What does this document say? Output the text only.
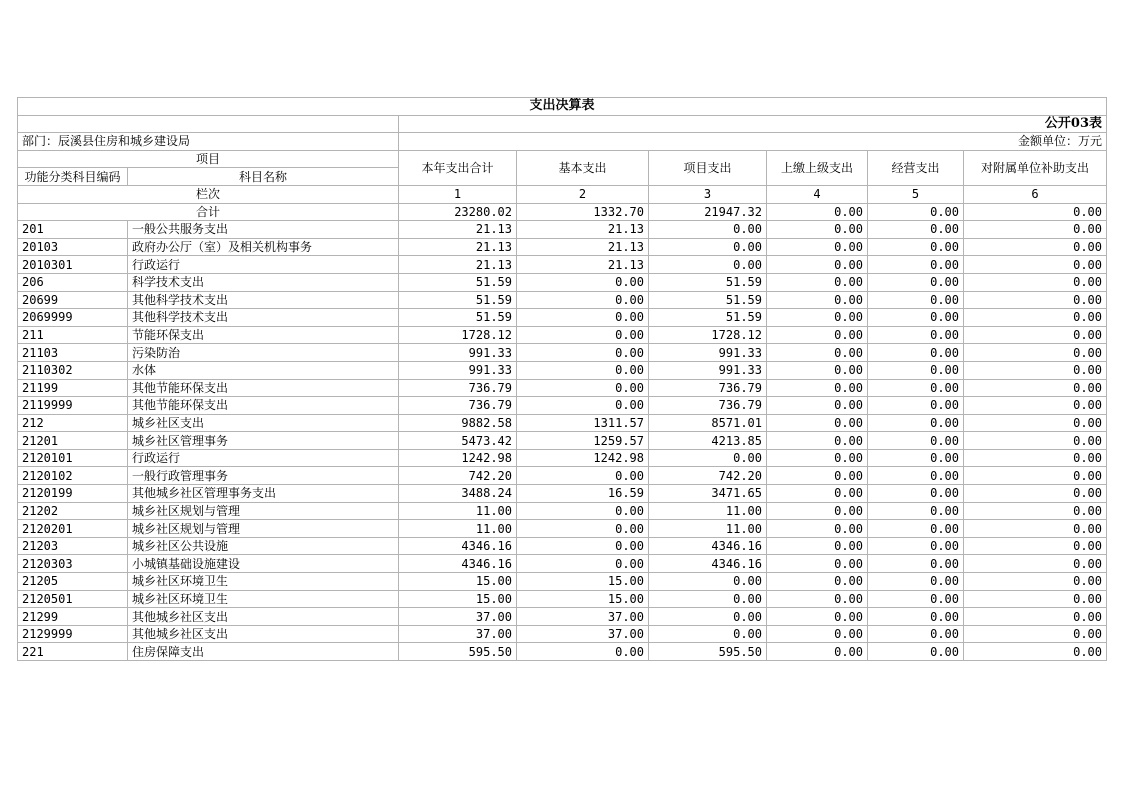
支出决算表							
		公开03表					
部门：辰溪县住房和城乡建设局		金额单位：万元					
项目		本年支出合计	基本支出	项目支出	上缴上级支出	经营支出	对附属单位补助支出
功能分类科目编码	科目名称						
栏次		1	2	3	4	5	6
合计		23280.02	1332.70	21947.32	0.00	0.00	0.00
201	一般公共服务支出	21.13	21.13	0.00	0.00	0.00	0.00
20103	政府办公厅（室）及相关机构事务	21.13	21.13	0.00	0.00	0.00	0.00
2010301	行政运行	21.13	21.13	0.00	0.00	0.00	0.00
206	科学技术支出	51.59	0.00	51.59	0.00	0.00	0.00
20699	其他科学技术支出	51.59	0.00	51.59	0.00	0.00	0.00
2069999	其他科学技术支出	51.59	0.00	51.59	0.00	0.00	0.00
211	节能环保支出	1728.12	0.00	1728.12	0.00	0.00	0.00
21103	污染防治	991.33	0.00	991.33	0.00	0.00	0.00
2110302	水体	991.33	0.00	991.33	0.00	0.00	0.00
21199	其他节能环保支出	736.79	0.00	736.79	0.00	0.00	0.00
2119999	其他节能环保支出	736.79	0.00	736.79	0.00	0.00	0.00
212	城乡社区支出	9882.58	1311.57	8571.01	0.00	0.00	0.00
21201	城乡社区管理事务	5473.42	1259.57	4213.85	0.00	0.00	0.00
2120101	行政运行	1242.98	1242.98	0.00	0.00	0.00	0.00
2120102	一般行政管理事务	742.20	0.00	742.20	0.00	0.00	0.00
2120199	其他城乡社区管理事务支出	3488.24	16.59	3471.65	0.00	0.00	0.00
21202	城乡社区规划与管理	11.00	0.00	11.00	0.00	0.00	0.00
2120201	城乡社区规划与管理	11.00	0.00	11.00	0.00	0.00	0.00
21203	城乡社区公共设施	4346.16	0.00	4346.16	0.00	0.00	0.00
2120303	小城镇基础设施建设	4346.16	0.00	4346.16	0.00	0.00	0.00
21205	城乡社区环境卫生	15.00	15.00	0.00	0.00	0.00	0.00
2120501	城乡社区环境卫生	15.00	15.00	0.00	0.00	0.00	0.00
21299	其他城乡社区支出	37.00	37.00	0.00	0.00	0.00	0.00
2129999	其他城乡社区支出	37.00	37.00	0.00	0.00	0.00	0.00
221	住房保障支出	595.50	0.00	595.50	0.00	0.00	0.00
